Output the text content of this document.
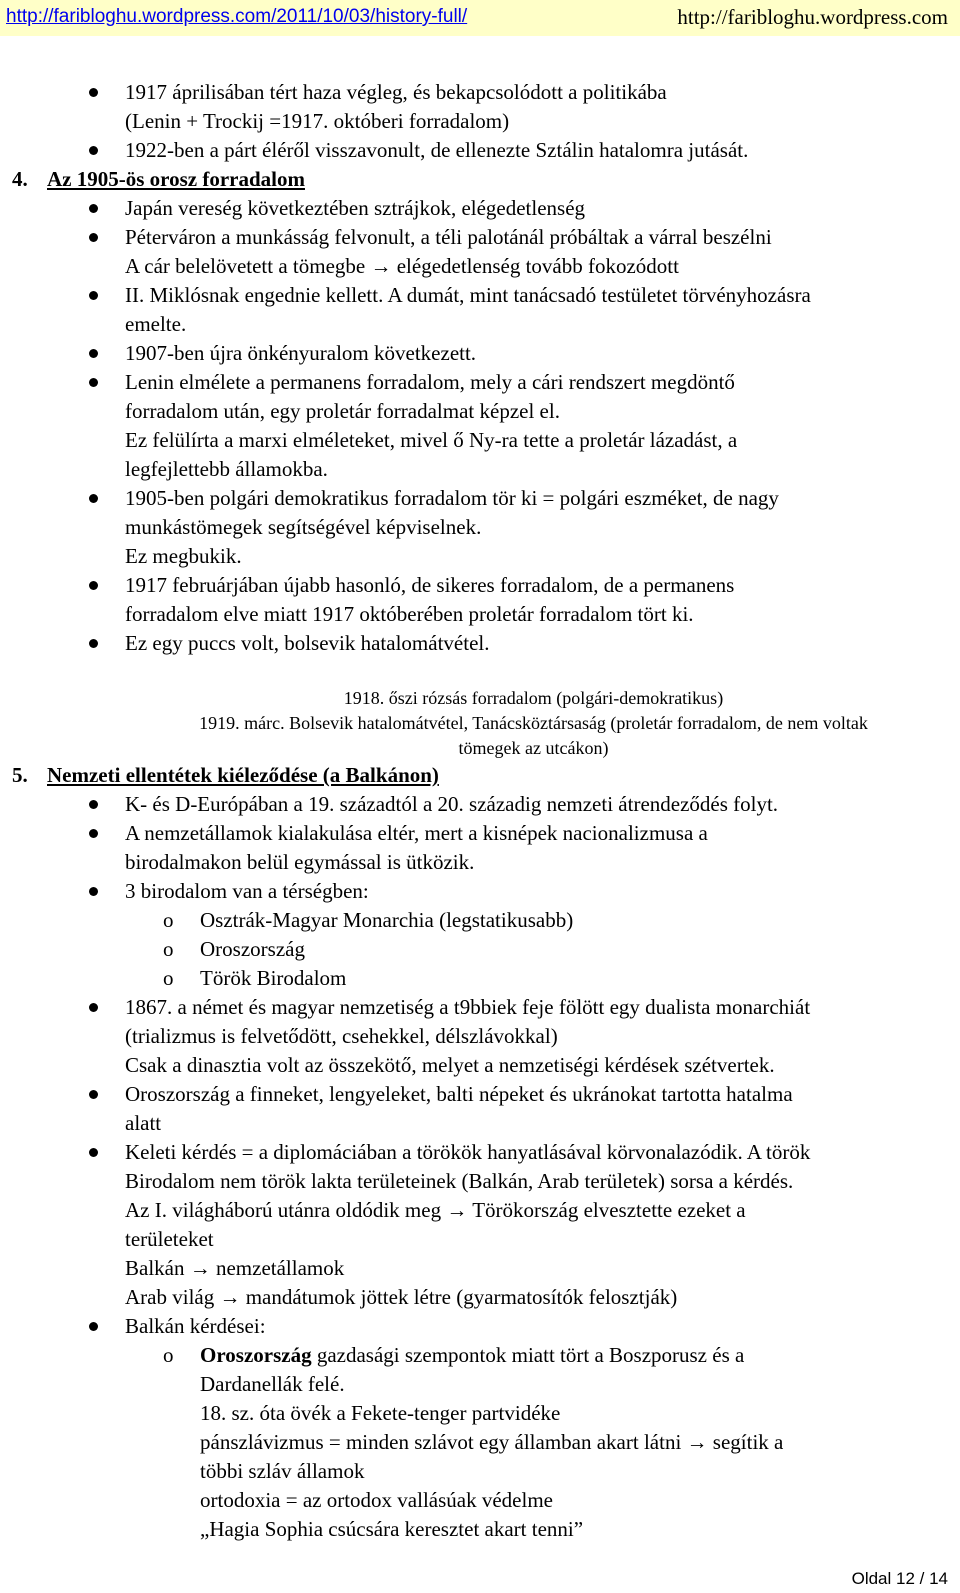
http://faribloghu.wordpress.com/2011/10/03/history-full/	http://faribloghu.wordpress.com
1917 áprilisában tért haza végleg, és bekapcsolódott a politikába
(Lenin + Trockij =1917. októberi forradalom)
1922-ben a párt éléről visszavonult, de ellenezte Sztálin hatalomra jutását.
4. Az 1905-ös orosz forradalom
Japán vereség következtében sztrájkok, elégedetlenség
Péterváron a munkásság felvonult, a téli palotánál próbáltak a várral beszélni
A cár belelövetett a tömegbe → elégedetlenség tovább fokozódott
II. Miklósnak engednie kellett. A dumát, mint tanácsadó testületet törvényhozásra
emelte.
1907-ben újra önkényuralom következett.
Lenin elmélete a permanens forradalom, mely a cári rendszert megdöntő
forradalom után, egy proletár forradalmat képzel el.
Ez felülírta a marxi elméleteket, mivel ő Ny-ra tette a proletár lázadást, a
legfejlettebb államokba.
1905-ben polgári demokratikus forradalom tör ki = polgári eszméket, de nagy
munkástömegek segítségével képviselnek.
Ez megbukik.
1917 februárjában újabb hasonló, de sikeres forradalom, de a permanens
forradalom elve miatt 1917 októberében proletár forradalom tört ki.
Ez egy puccs volt, bolsevik hatalomátvétel.
1918. őszi rózsás forradalom (polgári-demokratikus)
1919. márc. Bolsevik hatalomátvétel, Tanácsköztársaság (proletár forradalom, de nem voltak
tömegek az utcákon)
5. Nemzeti ellentétek kiéleződése (a Balkánon)
K- és D-Európában a 19. századtól a 20. századig nemzeti átrendeződés folyt.
A nemzetállamok kialakulása eltér, mert a kisnépek nacionalizmusa a
birodalmakon belül egymással is ütközik.
3 birodalom van a térségben:
o Osztrák-Magyar Monarchia (legstatikusabb)
o Oroszország
o Török Birodalom
1867. a német és magyar nemzetiség a t9bbiek feje fölött egy dualista monarchiát
(trializmus is felvetődött, csehekkel, délszlávokkal)
Csak a dinasztia volt az összekötő, melyet a nemzetiségi kérdések szétvertek.
Oroszország a finneket, lengyeleket, balti népeket és ukránokat tartotta hatalma
alatt
Keleti kérdés = a diplomáciában a törökök hanyatlásával körvonalazódik. A török
Birodalom nem török lakta területeinek (Balkán, Arab területek) sorsa a kérdés.
Az I. világháború utánra oldódik meg → Törökország elvesztette ezeket a
területeket
Balkán → nemzetállamok
Arab világ → mandátumok jöttek létre (gyarmatosítók felosztják)
Balkán kérdései:
o Oroszország gazdasági szempontok miatt tört a Boszporusz és a
Dardanellák felé.
18. sz. óta övék a Fekete-tenger partvidéke
pánszlávizmus = minden szlávot egy államban akart látni → segítik a
többi szláv államok
ortodoxia = az ortodox vallásúak védelme
„Hagia Sophia csúcsára keresztet akart tenni”
Oldal 12 / 14
